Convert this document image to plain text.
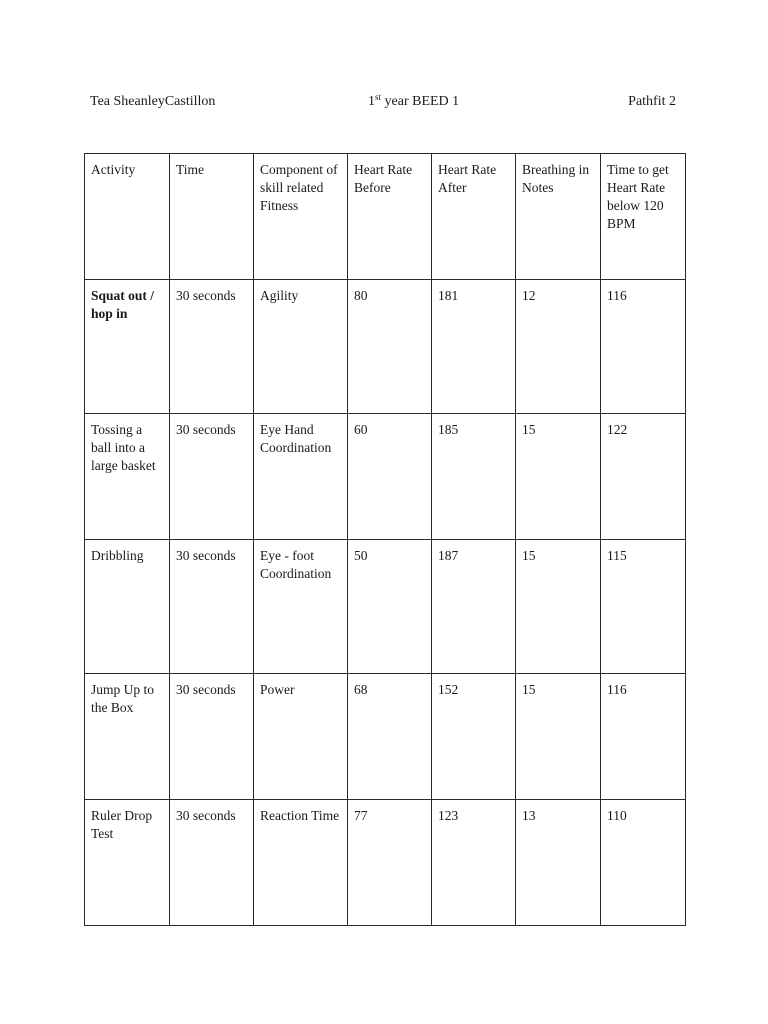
Tea SheanleyCastillon	1st year BEED 1	Pathfit 2
Activity	Time	Component of skill related Fitness	Heart Rate Before	Heart Rate After	Breathing in Notes	Time to get Heart Rate below 120 BPM
Squat out / hop in	30 seconds	Agility	80	181	12	116
Tossing a ball into a large basket	30 seconds	Eye Hand Coordination	60	185	15	122
Dribbling	30 seconds	Eye - foot Coordination	50	187	15	115
Jump Up to the Box	30 seconds	Power	68	152	15	116
Ruler Drop Test	30 seconds	Reaction Time	77	123	13	110
